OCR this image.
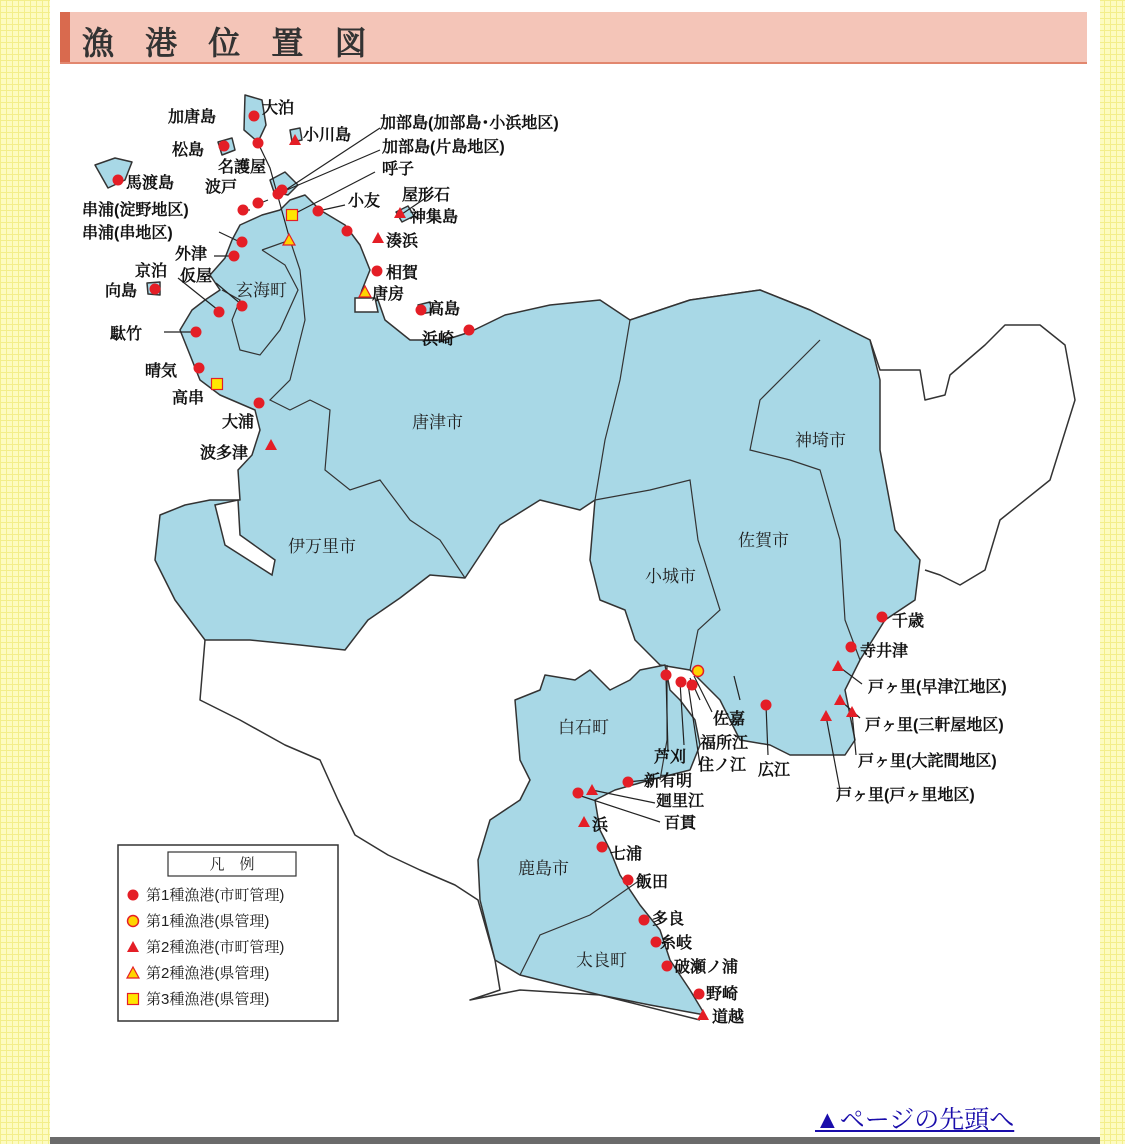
漁 港 位 置 図
玄海町
唐津市
伊万里市
神埼市
佐賀市
小城市
白石町
鹿島市
太良町
加唐島
大泊
松島
小川島
加部島(加部島･小浜地区)
加部島(片島地区)
名護屋	呼子
馬渡島 波戸
小友 屋形石
神集島
串浦(淀野地区)
串浦(串地区)	湊浜
外津
相賀
京泊 仮屋
唐房
向島
高島
駄竹	浜崎
晴気
高串
大浦
波多津
千歳
寺井津
戸ヶ里(早津江地区)
佐嘉	戸ヶ里(三軒屋地区)
福所江
戸ヶ里(大詫間地区)
芦刈 住ノ江 広江
戸ヶ里(戸ヶ里地区)
新有明
廻里江
百貫
浜
七浦
飯田
多良
糸岐
破瀬ノ浦
野崎
道越
凡　例
第1種漁港(市町管理)
第1種漁港(県管理)
第2種漁港(市町管理)
第2種漁港(県管理)
第3種漁港(県管理)
▲ページの先頭へ
